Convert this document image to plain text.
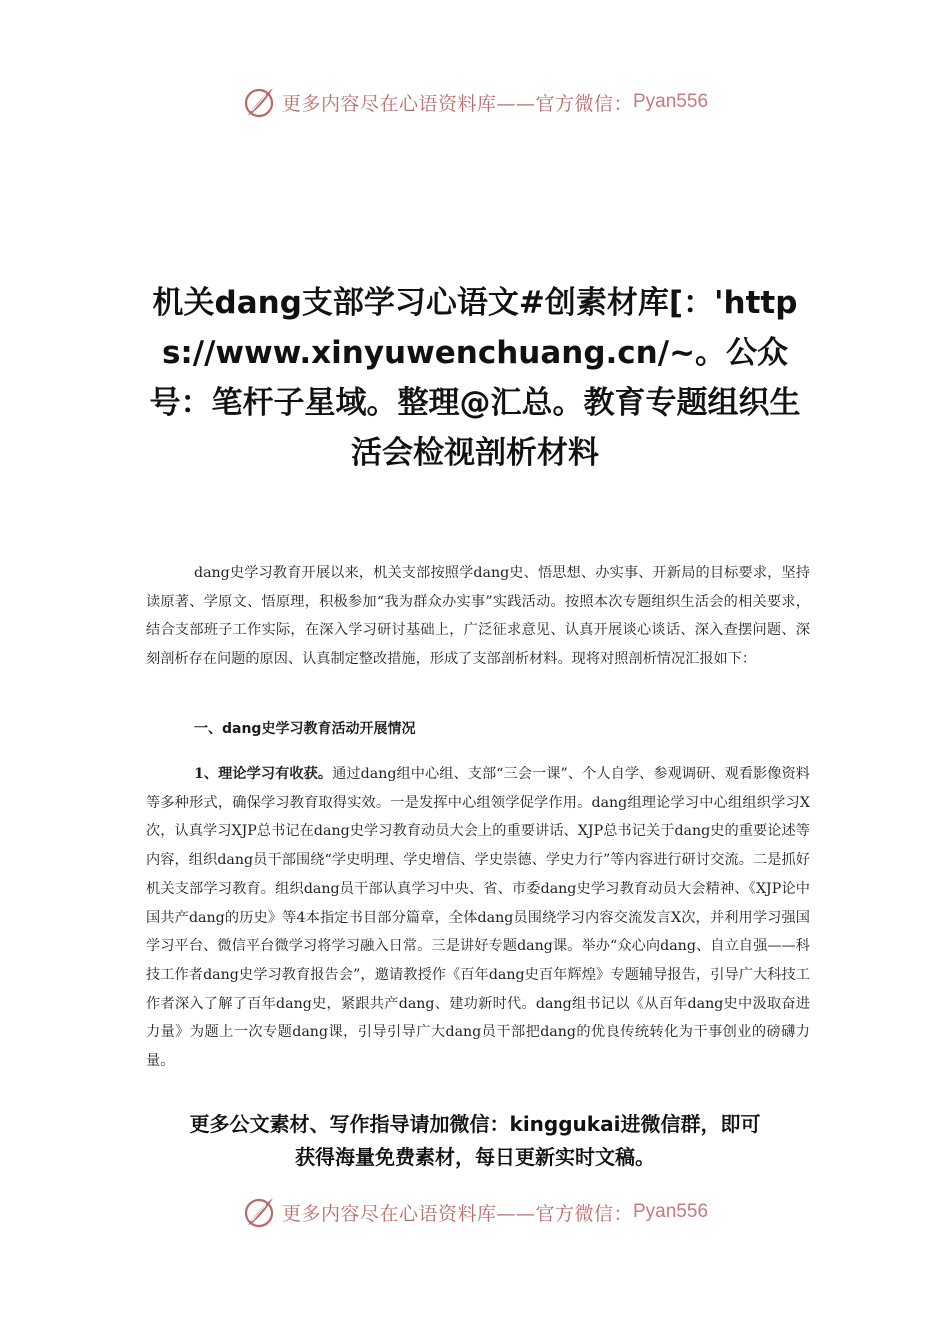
更多内容尽在心语资料库——官方微信： Pyan556
机关dang支部学习心语文#创素材库[：'https://www.xinyuwenchuang.cn/~。公众号：笔杆子星域。整理@汇总。教育专题组织生活会检视剖析材料

dang史学习教育开展以来，机关支部按照学dang史、悟思想、办实事、开新局的目标要求，坚持读原著、学原文、悟原理，积极参加“我为群众办实事”实践活动。按照本次专题组织生活会的相关要求，结合支部班子工作实际，在深入学习研讨基础上，广泛征求意见、认真开展谈心谈话、深入查摆问题、深刻剖析存在问题的原因、认真制定整改措施，形成了支部剖析材料。现将对照剖析情况汇报如下：

一、dang史学习教育活动开展情况

1、理论学习有收获。通过dang组中心组、支部“三会一课”、个人自学、参观调研、观看影像资料等多种形式，确保学习教育取得实效。一是发挥中心组领学促学作用。dang组理论学习中心组组织学习X次，认真学习XJP总书记在dang史学习教育动员大会上的重要讲话、XJP总书记关于dang史的重要论述等内容，组织dang员干部围绕“学史明理、学史增信、学史崇德、学史力行”等内容进行研讨交流。二是抓好机关支部学习教育。组织dang员干部认真学习中央、省、市委dang史学习教育动员大会精神、《XJP论中国共产dang的历史》等4本指定书目部分篇章，全体dang员围绕学习内容交流发言X次，并利用学习强国学习平台、微信平台微学习将学习融入日常。三是讲好专题dang课。举办“众心向dang、自立自强——科技工作者dang史学习教育报告会”，邀请教授作《百年dang史百年辉煌》专题辅导报告，引导广大科技工作者深入了解了百年dang史，紧跟共产dang、建功新时代。dang组书记以《从百年dang史中汲取奋进力量》为题上一次专题dang课，引导引导广大dang员干部把dang的优良传统转化为干事创业的磅礴力量。

更多公文素材、写作指导请加微信：kinggukai进微信群，即可
获得海量免费素材，每日更新实时文稿。
更多内容尽在心语资料库——官方微信： Pyan556
